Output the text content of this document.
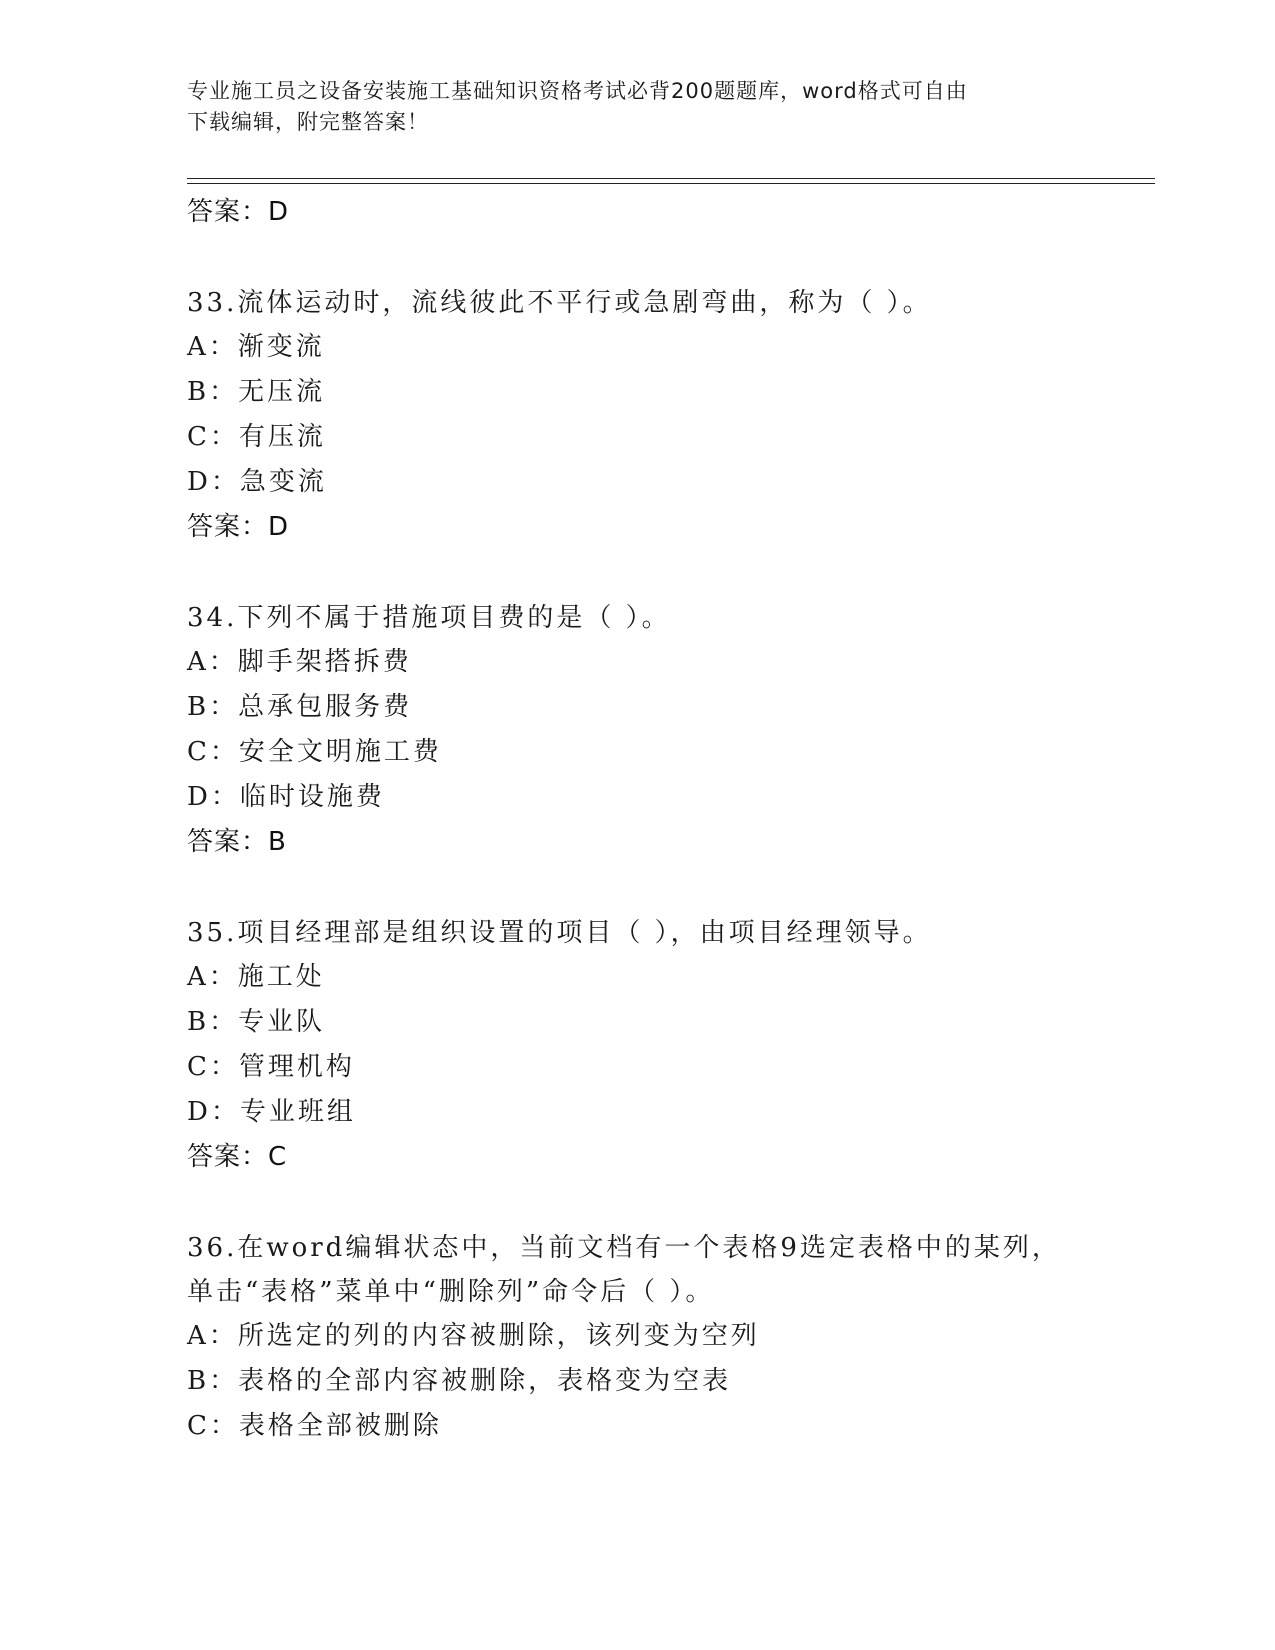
专业施工员之设备安装施工基础知识资格考试必背200题题库，word格式可自由
下载编辑，附完整答案！
答案：D
33.流体运动时，流线彼此不平行或急剧弯曲，称为（ ）。
A：渐变流
B：无压流
C：有压流
D：急变流
答案：D
34.下列不属于措施项目费的是（ ）。
A：脚手架搭拆费
B：总承包服务费
C：安全文明施工费
D：临时设施费
答案：B
35.项目经理部是组织设置的项目（ ），由项目经理领导。
A：施工处
B：专业队
C：管理机构
D：专业班组
答案：C
36.在word编辑状态中，当前文档有一个表格9选定表格中的某列，单击“表格”菜单中“删除列”命令后（ ）。
A：所选定的列的内容被删除，该列变为空列
B：表格的全部内容被删除，表格变为空表
C：表格全部被删除
